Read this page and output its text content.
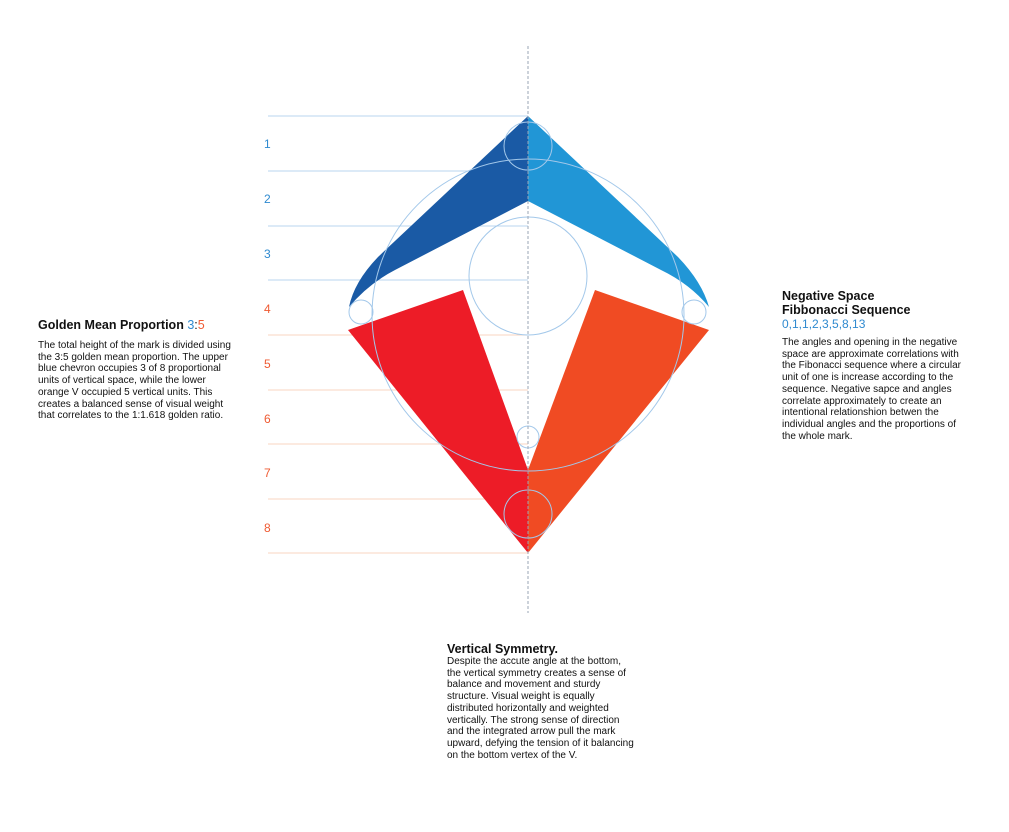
1
2
3
4
5
6
7
8

Golden Mean Proportion 3:5

The total height of the mark is divided using the 3:5 golden mean proportion. The upper blue chevron occupies 3 of 8 proportional units of vertical space, while the lower orange V occupied 5 vertical units. This creates a balanced sense of visual weight that correlates to the 1:1.618 golden ratio.

Negative Space

Fibbonacci Sequence

0,1,1,2,3,5,8,13

The angles and opening in the negative space are approximate correlations with the Fibonacci sequence where a circular unit of one is increase according to the sequence. Negative sapce and angles correlate approximately to create an intentional relationshion betwen the individual angles and the proportions of the whole mark.

Vertical Symmetry.

Despite the accute angle at the bottom, the vertical symmetry creates a sense of balance and movement and sturdy structure. Visual weight is equally distributed horizontally and weighted vertically. The strong sense of direction and the integrated arrow pull the mark upward, defying the tension of it balancing on the bottom vertex of the V.
